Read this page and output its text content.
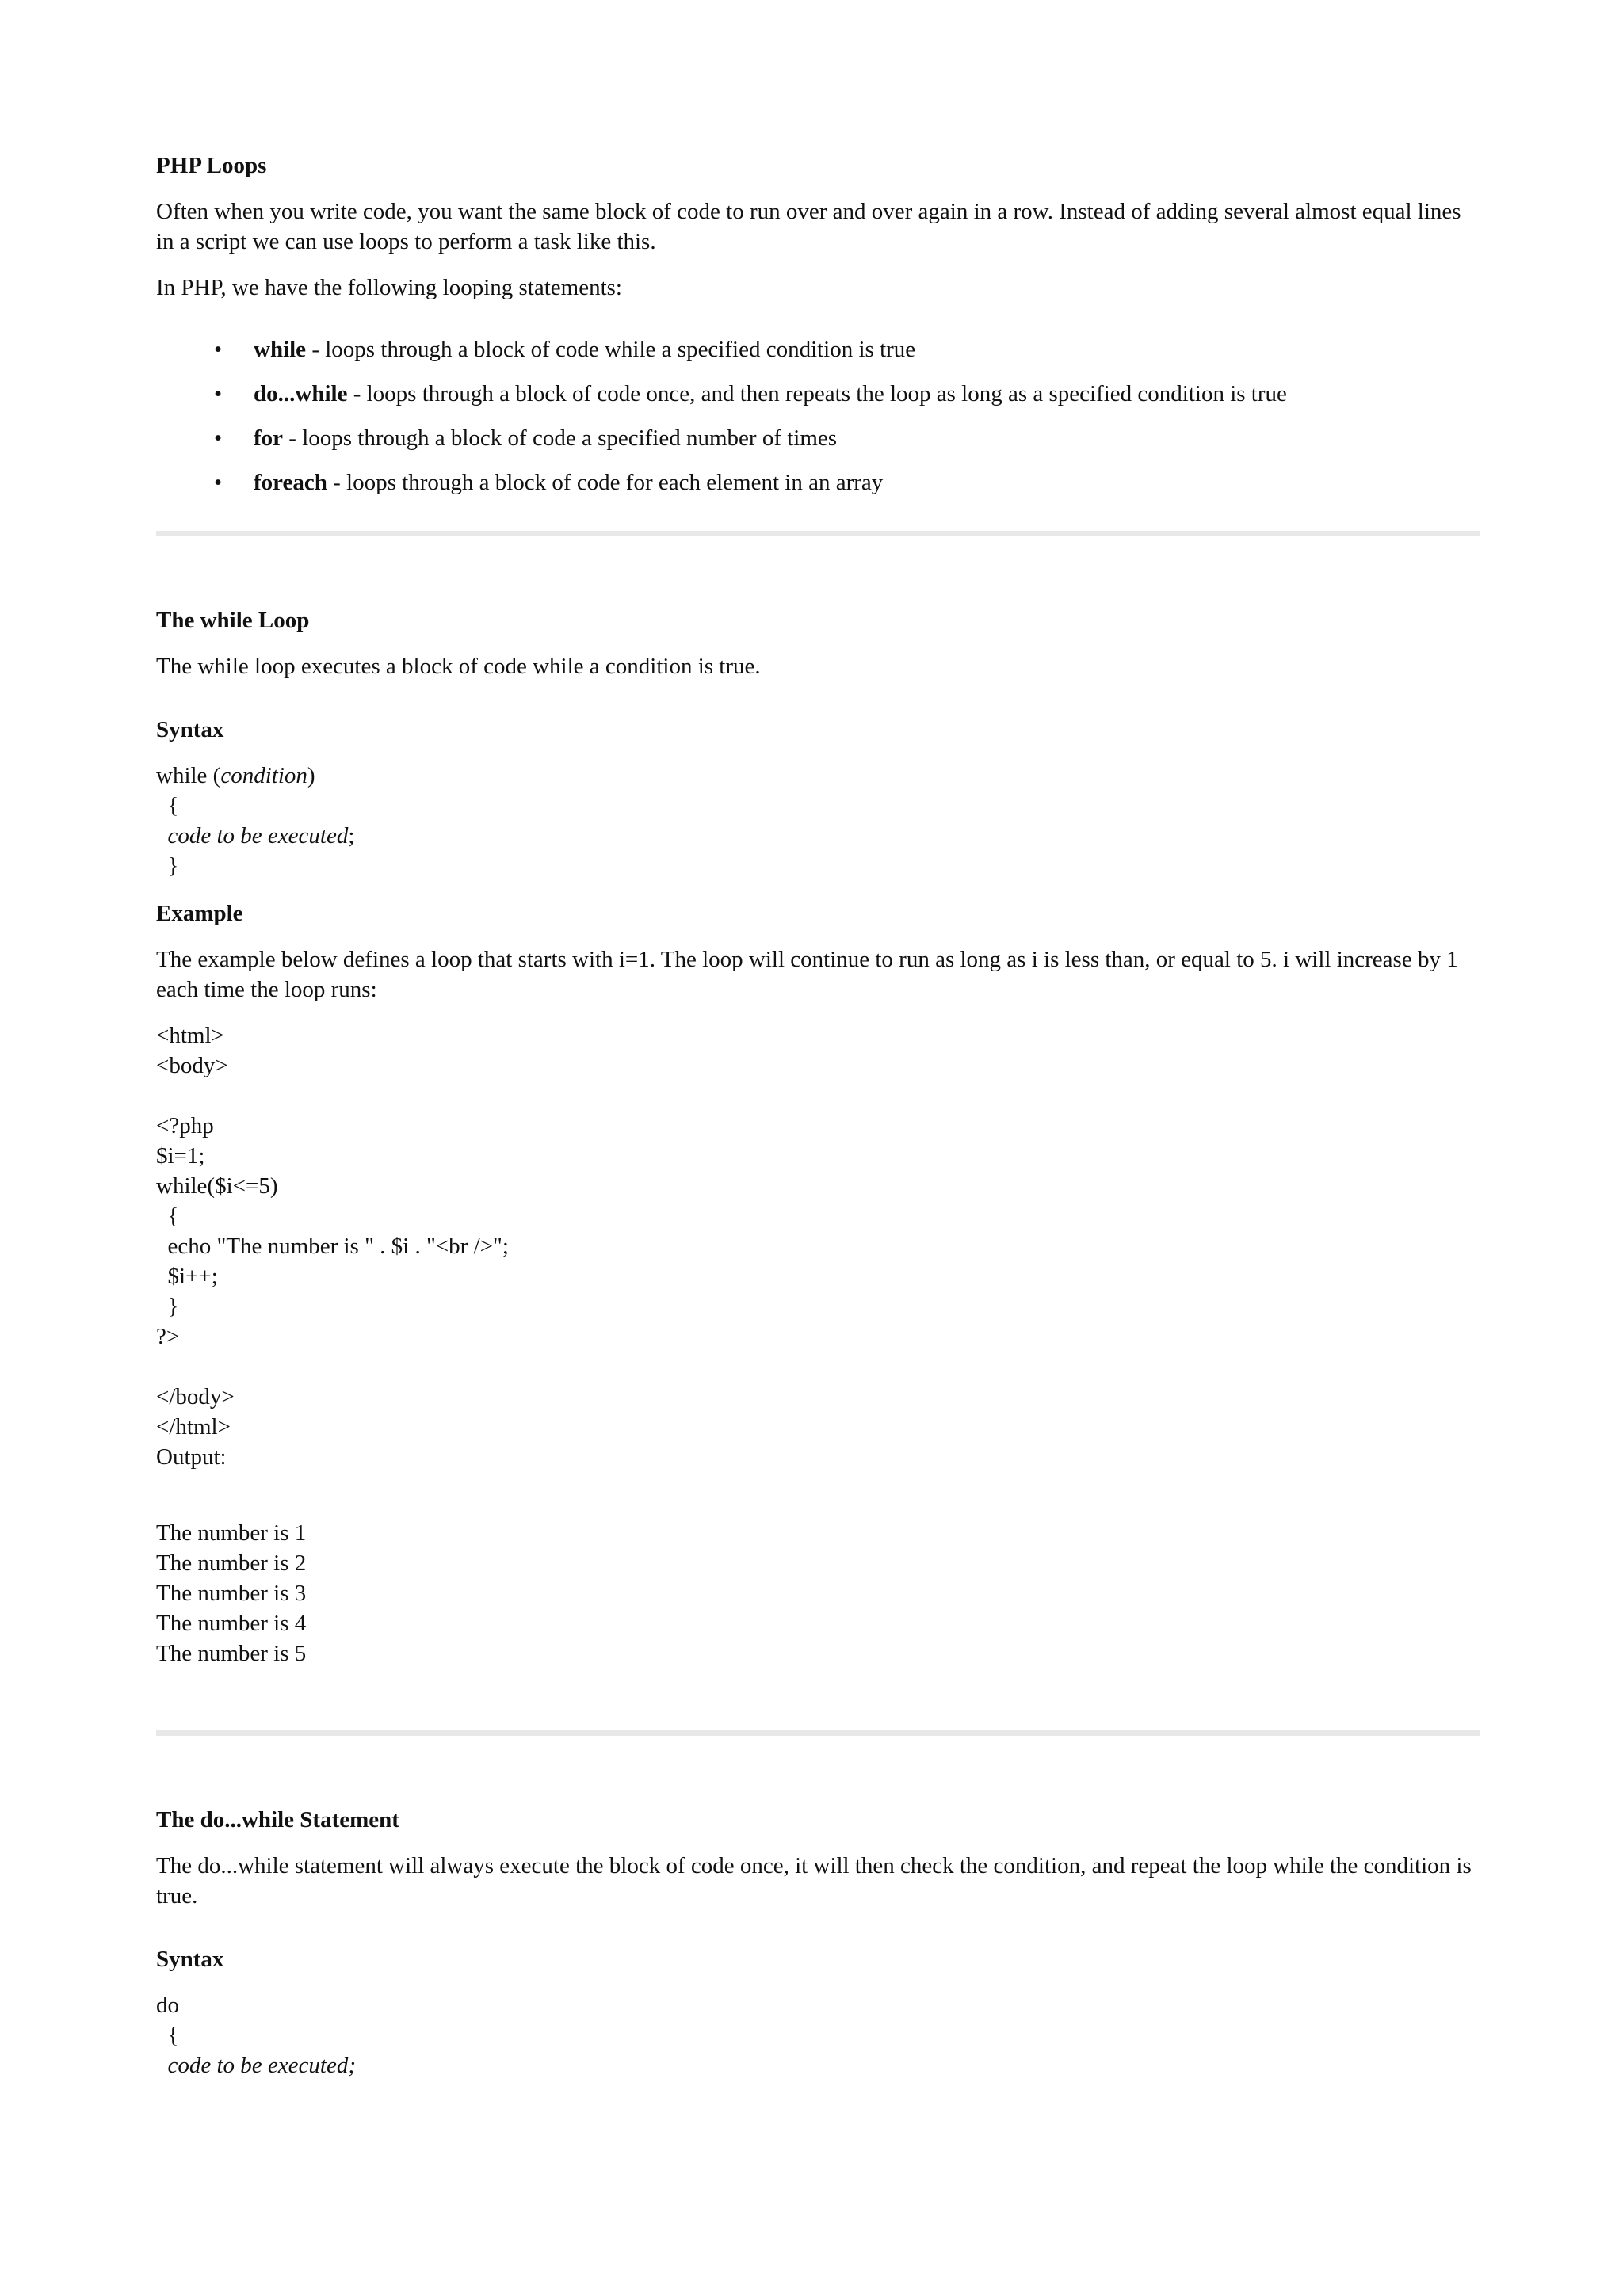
PHP Loops

Often when you write code, you want the same block of code to run over and over again in a row. Instead of adding several almost equal lines in a script we can use loops to perform a task like this.

In PHP, we have the following looping statements:

• while - loops through a block of code while a specified condition is true
• do...while - loops through a block of code once, and then repeats the loop as long as a specified condition is true
• for - loops through a block of code a specified number of times
• foreach - loops through a block of code for each element in an array
The while Loop

The while loop executes a block of code while a condition is true.

Syntax
while (condition)
{
code to be executed;
}
Example

The example below defines a loop that starts with i=1. The loop will continue to run as long as i is less than, or equal to 5. i will increase by 1 each time the loop runs:

<html>
<body>
<?php
$i=1;
while($i<=5)
{
echo "The number is " . $i . "<br />";
$i++;
}
?>
</body>
</html>
Output:
The number is 1
The number is 2
The number is 3
The number is 4
The number is 5
The do...while Statement

The do...while statement will always execute the block of code once, it will then check the condition, and repeat the loop while the condition is true.

Syntax
do
{
code to be executed;
